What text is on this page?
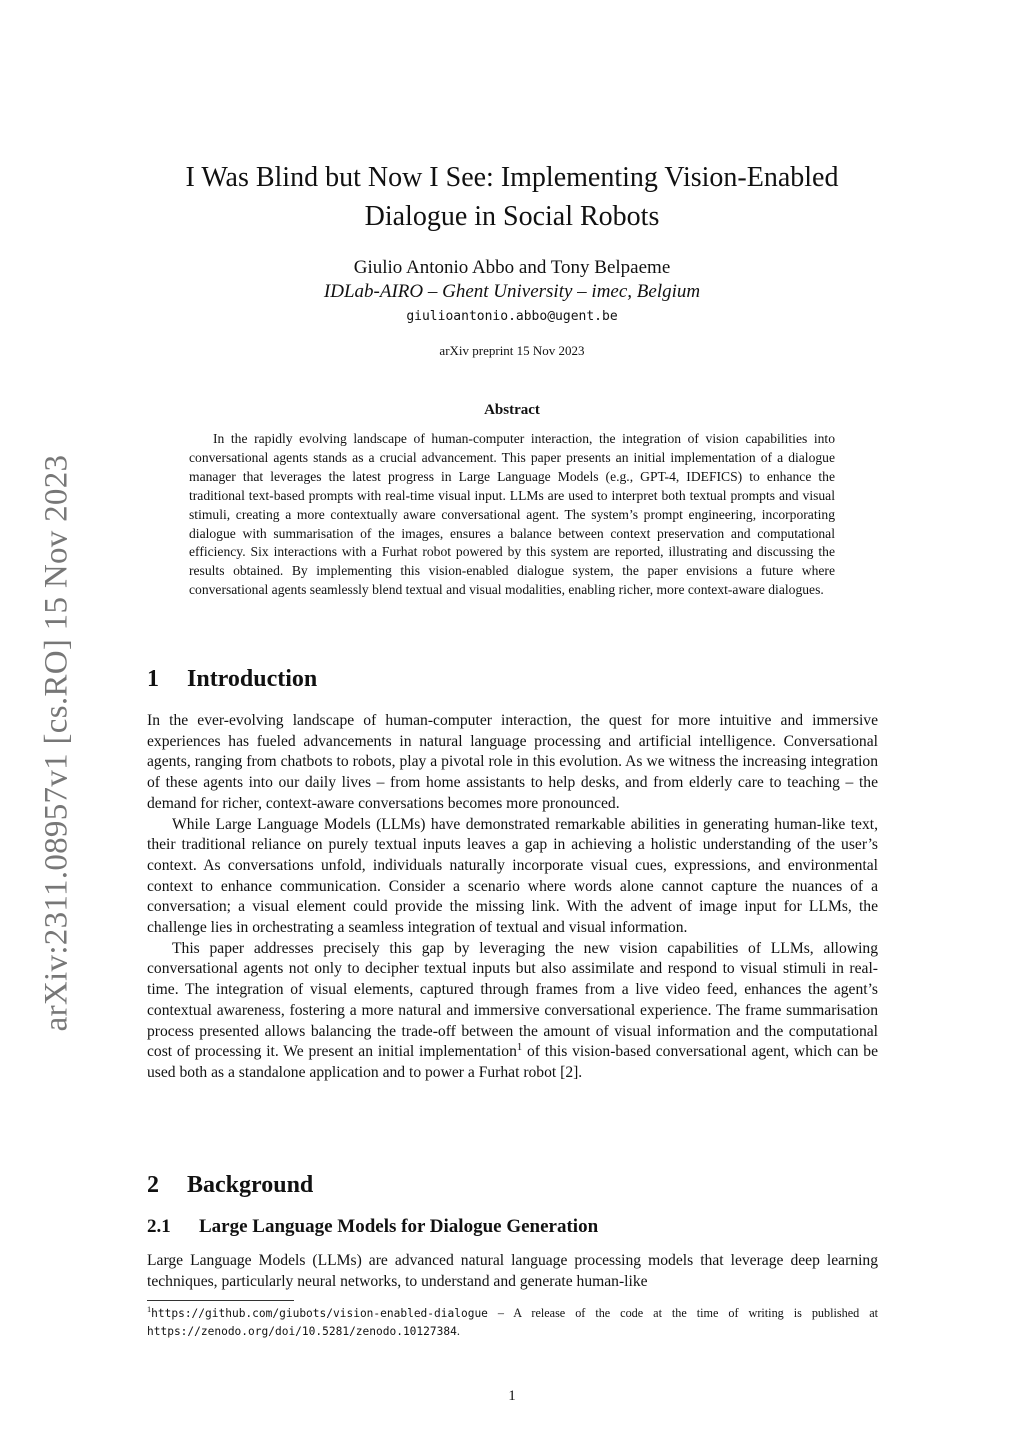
arXiv:2311.08957v1 [cs.RO] 15 Nov 2023
I Was Blind but Now I See: Implementing Vision-Enabled Dialogue in Social Robots
Giulio Antonio Abbo and Tony Belpaeme
IDLab-AIRO – Ghent University – imec, Belgium
giulioantonio.abbo@ugent.be
arXiv preprint 15 Nov 2023
Abstract

In the rapidly evolving landscape of human-computer interaction, the integration of vision capabilities into conversational agents stands as a crucial advancement. This paper presents an initial implementation of a dialogue manager that leverages the latest progress in Large Language Models (e.g., GPT-4, IDEFICS) to enhance the traditional text-based prompts with real-time visual input. LLMs are used to interpret both textual prompts and visual stimuli, creating a more contextually aware conversational agent. The system’s prompt engineering, incorporating dialogue with summarisation of the images, ensures a balance between context preservation and computational efficiency. Six interactions with a Furhat robot powered by this system are reported, illustrating and discussing the results obtained. By implementing this vision-enabled dialogue system, the paper envisions a future where conversational agents seamlessly blend textual and visual modalities, enabling richer, more context-aware dialogues.

1 Introduction

In the ever-evolving landscape of human-computer interaction, the quest for more intuitive and immersive experiences has fueled advancements in natural language processing and artificial intelligence. Conversational agents, ranging from chatbots to robots, play a pivotal role in this evolution. As we witness the increasing integration of these agents into our daily lives – from home assistants to help desks, and from elderly care to teaching – the demand for richer, context-aware conversations becomes more pronounced.

While Large Language Models (LLMs) have demonstrated remarkable abilities in generating human-like text, their traditional reliance on purely textual inputs leaves a gap in achieving a holistic understanding of the user’s context. As conversations unfold, individuals naturally incorporate visual cues, expressions, and environmental context to enhance communication. Consider a scenario where words alone cannot capture the nuances of a conversation; a visual element could provide the missing link. With the advent of image input for LLMs, the challenge lies in orchestrating a seamless integration of textual and visual information.

This paper addresses precisely this gap by leveraging the new vision capabilities of LLMs, allowing conversational agents not only to decipher textual inputs but also assimilate and respond to visual stimuli in real-time. The integration of visual elements, captured through frames from a live video feed, enhances the agent’s contextual awareness, fostering a more natural and immersive conversational experience. The frame summarisation process presented allows balancing the trade-off between the amount of visual information and the computational cost of processing it. We present an initial implementation$^1$ of this vision-based conversational agent, which can be used both as a standalone application and to power a Furhat robot [2].

2 Background
2.1 Large Language Models for Dialogue Generation

Large Language Models (LLMs) are advanced natural language processing models that leverage deep learning techniques, particularly neural networks, to understand and generate human-like

$^1$https://github.com/giubots/vision-enabled-dialogue – A release of the code at the time of writing is published at https://zenodo.org/doi/10.5281/zenodo.10127384.
1
